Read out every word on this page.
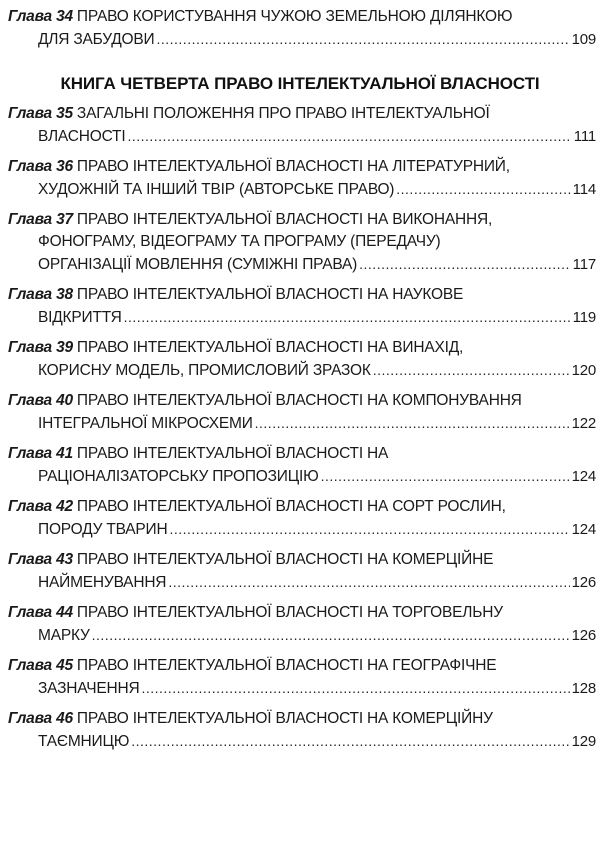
Глава 34 ПРАВО КОРИСТУВАННЯ ЧУЖОЮ ЗЕМЕЛЬНОЮ ДІЛЯНКОЮ
ДЛЯ ЗАБУДОВИ .....	109
КНИГА ЧЕТВЕРТА ПРАВО ІНТЕЛЕКТУАЛЬНОЇ ВЛАСНОСТІ
Глава 35 ЗАГАЛЬНІ ПОЛОЖЕННЯ ПРО ПРАВО ІНТЕЛЕКТУАЛЬНОЇ
ВЛАСНОСТІ .....	111
Глава 36 ПРАВО ІНТЕЛЕКТУАЛЬНОЇ ВЛАСНОСТІ НА ЛІТЕРАТУРНИЙ,
ХУДОЖНІЙ ТА ІНШИЙ ТВІР (АВТОРСЬКЕ ПРАВО) .....	114
Глава 37 ПРАВО ІНТЕЛЕКТУАЛЬНОЇ ВЛАСНОСТІ НА ВИКОНАННЯ,
ФОНОГРАМУ, ВІДЕОГРАМУ ТА ПРОГРАМУ (ПЕРЕДАЧУ)
ОРГАНІЗАЦІЇ МОВЛЕННЯ (СУМІЖНІ ПРАВА) .....	117
Глава 38 ПРАВО ІНТЕЛЕКТУАЛЬНОЇ ВЛАСНОСТІ НА НАУКОВЕ
ВІДКРИТТЯ .....	119
Глава 39 ПРАВО ІНТЕЛЕКТУАЛЬНОЇ ВЛАСНОСТІ НА ВИНАХІД,
КОРИСНУ МОДЕЛЬ, ПРОМИСЛОВИЙ ЗРАЗОК .....	120
Глава 40 ПРАВО ІНТЕЛЕКТУАЛЬНОЇ ВЛАСНОСТІ НА КОМПОНУВАННЯ
ІНТЕГРАЛЬНОЇ МІКРОСХЕМИ .....	122
Глава 41 ПРАВО ІНТЕЛЕКТУАЛЬНОЇ ВЛАСНОСТІ НА
РАЦІОНАЛІЗАТОРСЬКУ ПРОПОЗИЦІЮ .....	124
Глава 42 ПРАВО ІНТЕЛЕКТУАЛЬНОЇ ВЛАСНОСТІ НА СОРТ РОСЛИН,
ПОРОДУ ТВАРИН .....	124
Глава 43 ПРАВО ІНТЕЛЕКТУАЛЬНОЇ ВЛАСНОСТІ НА КОМЕРЦІЙНЕ
НАЙМЕНУВАННЯ .....	126
Глава 44 ПРАВО ІНТЕЛЕКТУАЛЬНОЇ ВЛАСНОСТІ НА ТОРГОВЕЛЬНУ
МАРКУ .....	126
Глава 45 ПРАВО ІНТЕЛЕКТУАЛЬНОЇ ВЛАСНОСТІ НА ГЕОГРАФІЧНЕ
ЗАЗНАЧЕННЯ .....	128
Глава 46 ПРАВО ІНТЕЛЕКТУАЛЬНОЇ ВЛАСНОСТІ НА КОМЕРЦІЙНУ
ТАЄМНИЦЮ .....	129
